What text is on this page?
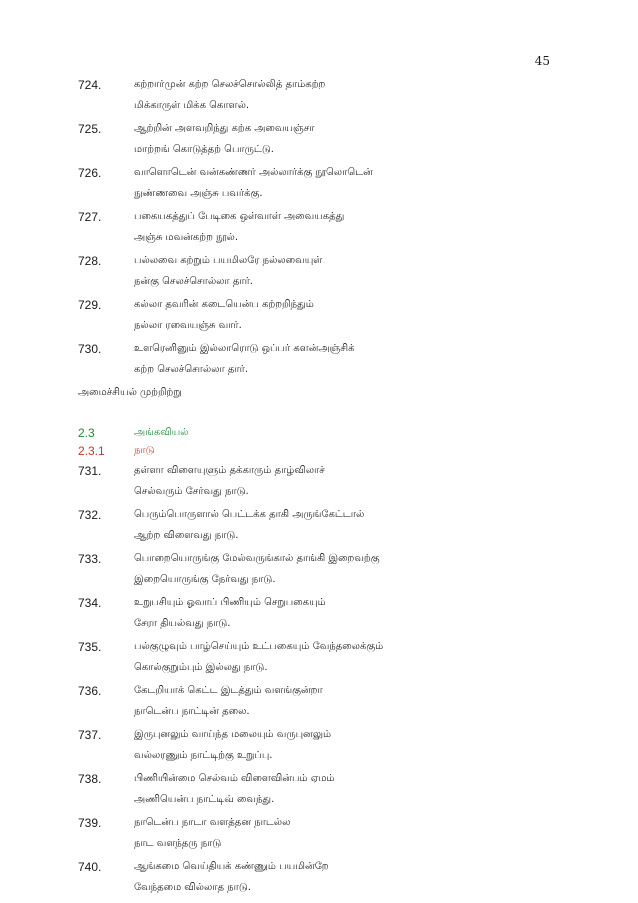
45
724.	கற்றார்முன் கற்ற செலச்சொல்லித் தாம்கற்ற
மிக்காருள் மிக்க கொளல்.
725.	ஆற்றின் அளவறிந்து கற்க அவையஞ்சா
மாற்றங் கொடுத்தற் பொருட்டு.
726.	வாளொடென் வன்கண்ணர் அல்லார்க்கு நூலொடென்
நுண்ணவை அஞ்சு பவர்க்கு.
727.	பகையகத்துப் பேடிகை ஒள்வாள் அவையகத்து
அஞ்சு மவன்கற்ற நூல்.
728.	பல்லவை கற்றும் பயமிலரே நல்லவையுள்
நன்கு செலச்சொல்லா தார்.
729.	கல்லா தவரின் கடையென்ப கற்றறிந்தும்
நல்லா ரவையஞ்சு வார்.
730.	உளரெனினும் இல்லாரொடு ஒப்பர் களன்அஞ்சிக்
கற்ற செலச்சொல்லா தார்.
அமைச்சியல் முற்றிற்று
2.3	அங்கவியல்
2.3.1	நாடு
731.	தள்ளா விளையுளும் தக்காரும் தாழ்விலாச்
செல்வரும் சேர்வது நாடு.
732.	பெரும்பொருளால் பெட்டக்க தாகி அருங்கேட்டால்
ஆற்ற விளைவது நாடு.
733.	பொறையொருங்கு மேல்வருங்கால் தாங்கி இறைவற்கு
இறையொருங்கு நேர்வது நாடு.
734.	உறுபசியும் ஓவாப் பிணியும் செறுபகையும்
சேரா தியல்வது நாடு.
735.	பல்குழுவும் பாழ்செய்யும் உட்பகையும் வேந்தலைக்கும்
கொல்குறும்பும் இல்லது நாடு.
736.	கேடறியாக் கெட்ட இடத்தும் வளங்குன்றா
நாடென்ப நாட்டின் தலை.
737.	இருபுனலும் வாய்ந்த மலையும் வருபுனலும்
வல்லரணும் நாட்டிற்கு உறுப்பு.
738.	பிணியின்மை செல்வம் விளைவின்பம் ஏமம்
அணியென்ப நாட்டிவ் வைந்து.
739.	நாடென்ப நாடா வளத்தன நாடல்ல
நாட வளந்தரு நாடு
740.	ஆங்கமை வெய்தியக் கண்ணும் பயமின்றே
வேந்தமை வில்லாத நாடு.
